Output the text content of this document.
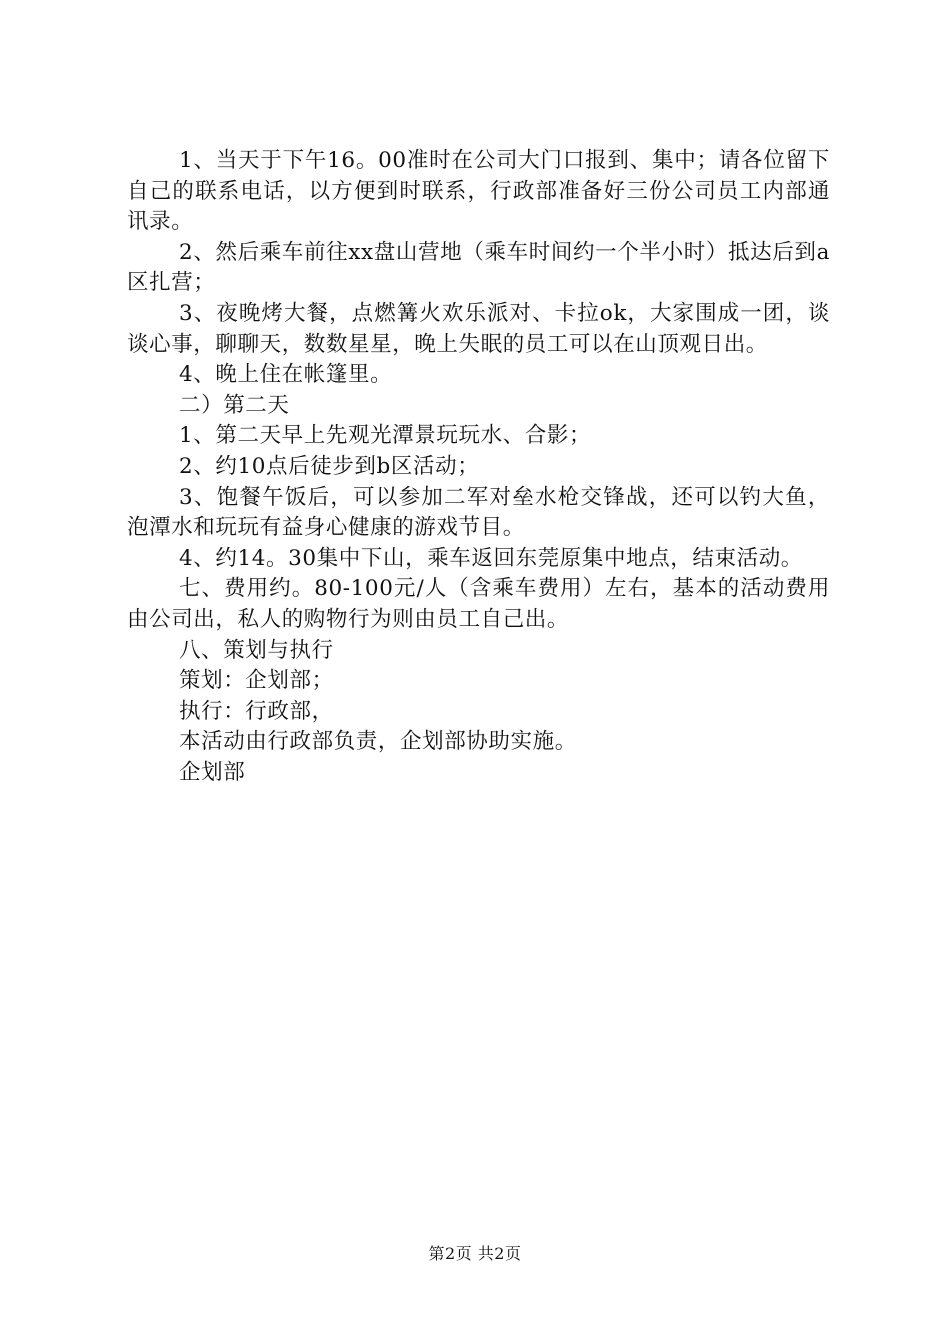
1、当天于下午16。00准时在公司大门口报到、集中；请各位留下自己的联系电话，以方便到时联系，行政部准备好三份公司员工内部通讯录。

2、然后乘车前往xx盘山营地（乘车时间约一个半小时）抵达后到a区扎营；

3、夜晚烤大餐，点燃篝火欢乐派对、卡拉ok，大家围成一团，谈谈心事，聊聊天，数数星星，晚上失眠的员工可以在山顶观日出。

4、晚上住在帐篷里。

二）第二天

1、第二天早上先观光潭景玩玩水、合影；

2、约10点后徒步到b区活动；

3、饱餐午饭后，可以参加二军对垒水枪交锋战，还可以钓大鱼，泡潭水和玩玩有益身心健康的游戏节目。

4、约14。30集中下山，乘车返回东莞原集中地点，结束活动。

七、费用约。80-100元/人（含乘车费用）左右，基本的活动费用由公司出，私人的购物行为则由员工自己出。

八、策划与执行

策划：企划部；

执行：行政部，

本活动由行政部负责，企划部协助实施。

企划部

第2页 共2页
